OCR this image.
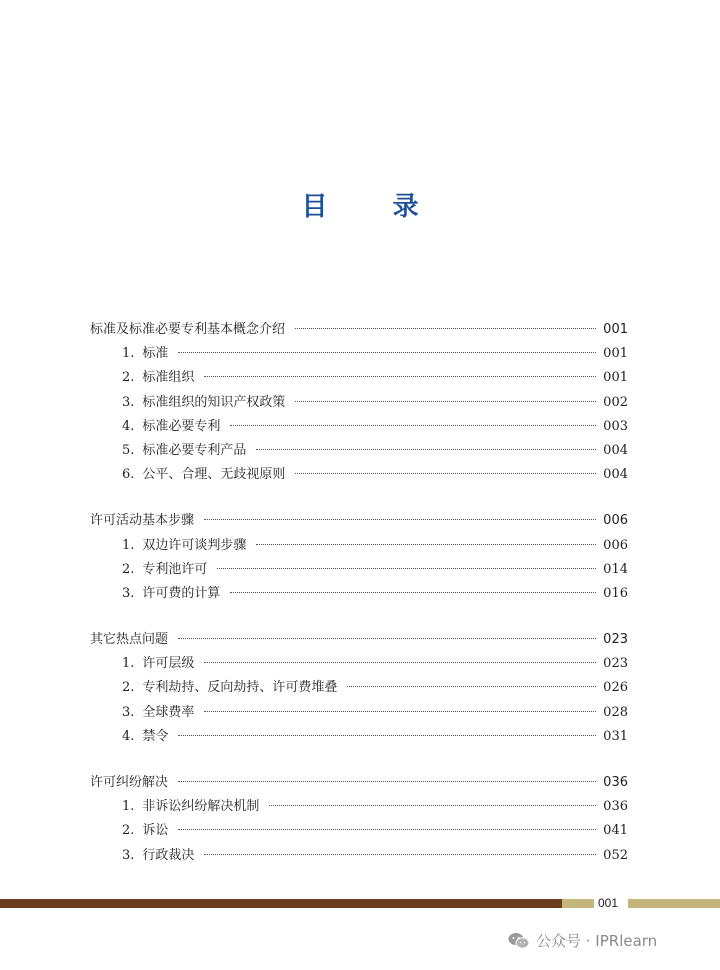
目 录
标准及标准必要专利基本概念介绍	001
1. 标准	001
2. 标准组织	001
3. 标准组织的知识产权政策	002
4. 标准必要专利	003
5. 标准必要专利产品	004
6. 公平、合理、无歧视原则	004
许可活动基本步骤	006
1. 双边许可谈判步骤	006
2. 专利池许可	014
3. 许可费的计算	016
其它热点问题	023
1. 许可层级	023
2. 专利劫持、反向劫持、许可费堆叠	026
3. 全球费率	028
4. 禁令	031
许可纠纷解决	036
1. 非诉讼纠纷解决机制	036
2. 诉讼	041
3. 行政裁决	052
001
公众号 · IPRlearn
